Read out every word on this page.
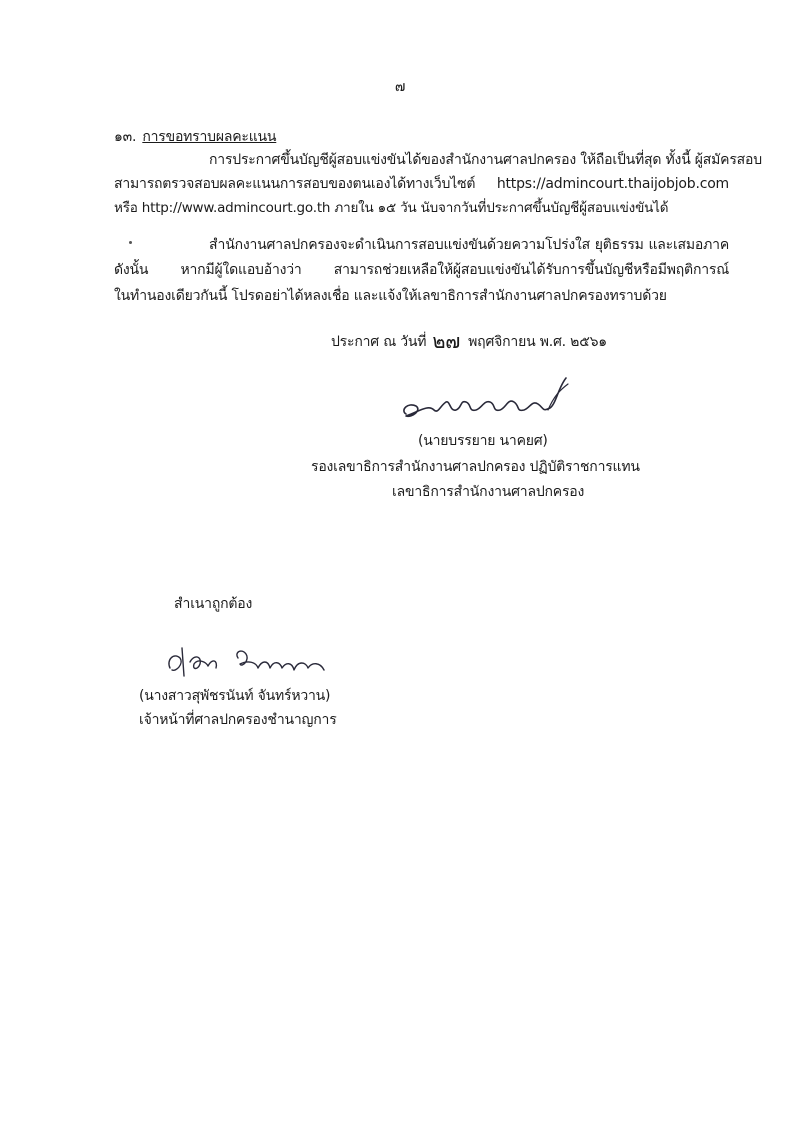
๗
๑๓. การขอทราบผลคะแนน
การประกาศขึ้นบัญชีผู้สอบแข่งขันได้ของสำนักงานศาลปกครอง ให้ถือเป็นที่สุด ทั้งนี้ ผู้สมัครสอบ
สามารถตรวจสอบผลคะแนนการสอบของตนเองได้ทางเว็บไซต์ https://admincourt.thaijobjob.com
หรือ http://www.admincourt.go.th ภายใน ๑๕ วัน นับจากวันที่ประกาศขึ้นบัญชีผู้สอบแข่งขันได้
สำนักงานศาลปกครองจะดำเนินการสอบแข่งขันด้วยความโปร่งใส ยุติธรรม และเสมอภาค
ดังนั้น หากมีผู้ใดแอบอ้างว่า สามารถช่วยเหลือให้ผู้สอบแข่งขันได้รับการขึ้นบัญชีหรือมีพฤติการณ์
ในทำนองเดียวกันนี้ โปรดอย่าได้หลงเชื่อ และแจ้งให้เลขาธิการสำนักงานศาลปกครองทราบด้วย
ประกาศ ณ วันที่ ๒๗ พฤศจิกายน พ.ศ. ๒๕๖๑
(นายบรรยาย นาคยศ)
รองเลขาธิการสำนักงานศาลปกครอง ปฏิบัติราชการแทน
เลขาธิการสำนักงานศาลปกครอง
สำเนาถูกต้อง
(นางสาวสุพัชรนันท์ จันทร์หวาน)
เจ้าหน้าที่ศาลปกครองชำนาญการ
